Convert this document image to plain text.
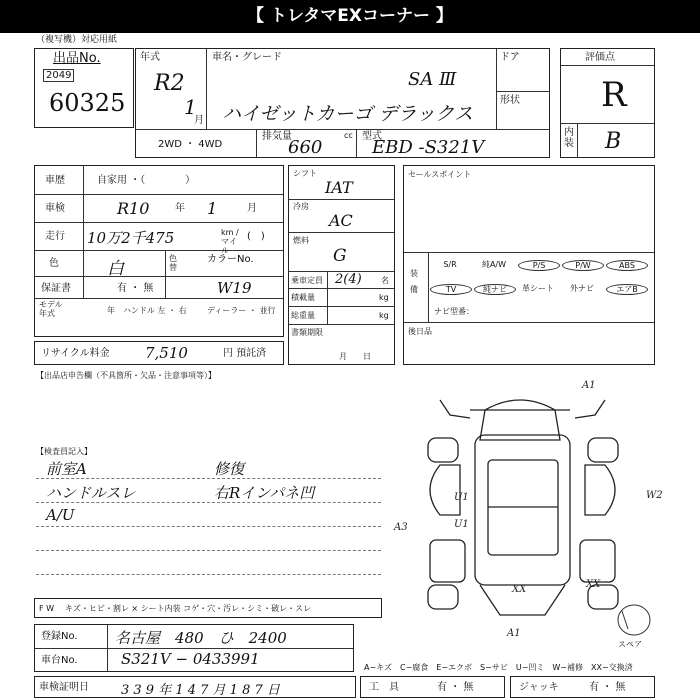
【 トレタマEXコーナー 】
（複写機）対応用紙
出品No.
2049
60325
年式
R2
1
月
車名・グレード
SA Ⅲ
ハイゼットカーゴ デラックス
ドア
形状
2WD ・ 4WD
排気量	cc
660
型式
EBD -S321V
評価点
R
内
装 B
車歴	自家用 ・（　　　　）
車検	R10	年 1	月
走行 10万2千475	km / マイル
(　)
色	白
色
替
カラーNo.
W19
保証書	有 ・ 無
モデル
年式	年 ハンドル 左 ・ 右	ディーラー ・ 並行
リサイクル料金 7,510	円 預託済
シフト
IAT
冷房
AC
燃料
G
乗車定員 2(4) 名
積載量	kg
総重量	kg
書類期限
月　　日
セールスポイント
装
備
S/R	純A/W	P/S	P/W	ABS
TV	純ナビ	革シート	外ナビ	エアB
ナビ型番：
後日品
【出品店申告欄（不具箇所・欠品・注意事項等）】
【検査員記入】
前室A
ハンドルスレ
A/U
修復
右Rインパネ凹
A1
A3
W2
U1
U1
XX	XX
A1
スペア
F W キズ・ヒビ・割レ × シート内装 コゲ・穴・汚レ・シミ・破レ・スレ
登録No. 名古屋　480　ひ　2400
車台No.	S321V − 0433991	A−キズ　C−腐食　E−エクボ　S−サビ　U−凹ミ　W−補修　XX−交換済
車検証明日 3 3 9 年 1 4 7 月 1 8 7 日	工　具	有 ・ 無	ジャッキ	有 ・ 無
